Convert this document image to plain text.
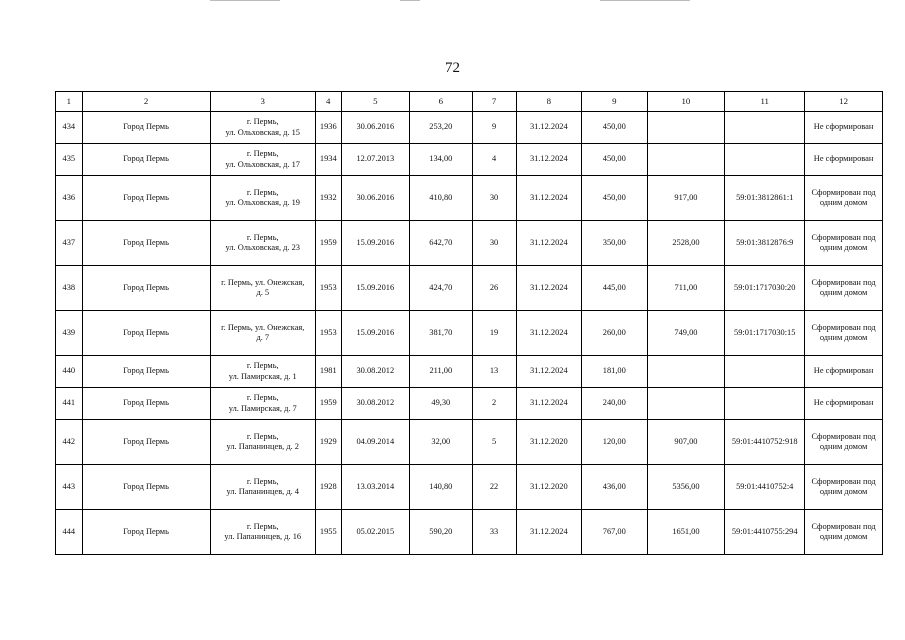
72
1	2	3	4	5	6	7	8	9	10	11	12
434	Город Пермь	г. Пермь,
ул. Ольховская, д. 15	1936	30.06.2016	253,20	9	31.12.2024	450,00			Не сформирован
435	Город Пермь	г. Пермь,
ул. Ольховская, д. 17	1934	12.07.2013	134,00	4	31.12.2024	450,00			Не сформирован
436	Город Пермь	г. Пермь,
ул. Ольховская, д. 19	1932	30.06.2016	410,80	30	31.12.2024	450,00	917,00	59:01:3812861:1	Сформирован под одним домом
437	Город Пермь	г. Пермь,
ул. Ольховская, д. 23	1959	15.09.2016	642,70	30	31.12.2024	350,00	2528,00	59:01:3812876:9	Сформирован под одним домом
438	Город Пермь	г. Пермь, ул. Онежская,
д. 5	1953	15.09.2016	424,70	26	31.12.2024	445,00	711,00	59:01:1717030:20	Сформирован под одним домом
439	Город Пермь	г. Пермь, ул. Онежская,
д. 7	1953	15.09.2016	381,70	19	31.12.2024	260,00	749,00	59:01:1717030:15	Сформирован под одним домом
440	Город Пермь	г. Пермь,
ул. Памирская, д. 1	1981	30.08.2012	211,00	13	31.12.2024	181,00			Не сформирован
441	Город Пермь	г. Пермь,
ул. Памирская, д. 7	1959	30.08.2012	49,30	2	31.12.2024	240,00			Не сформирован
442	Город Пермь	г. Пермь,
ул. Папанинцев, д. 2	1929	04.09.2014	32,00	5	31.12.2020	120,00	907,00	59:01:4410752:918	Сформирован под одним домом
443	Город Пермь	г. Пермь,
ул. Папанинцев, д. 4	1928	13.03.2014	140,80	22	31.12.2020	436,00	5356,00	59:01:4410752:4	Сформирован под одним домом
444	Город Пермь	г. Пермь,
ул. Папанинцев, д. 16	1955	05.02.2015	590,20	33	31.12.2024	767,00	1651,00	59:01:4410755:294	Сформирован под одним домом
